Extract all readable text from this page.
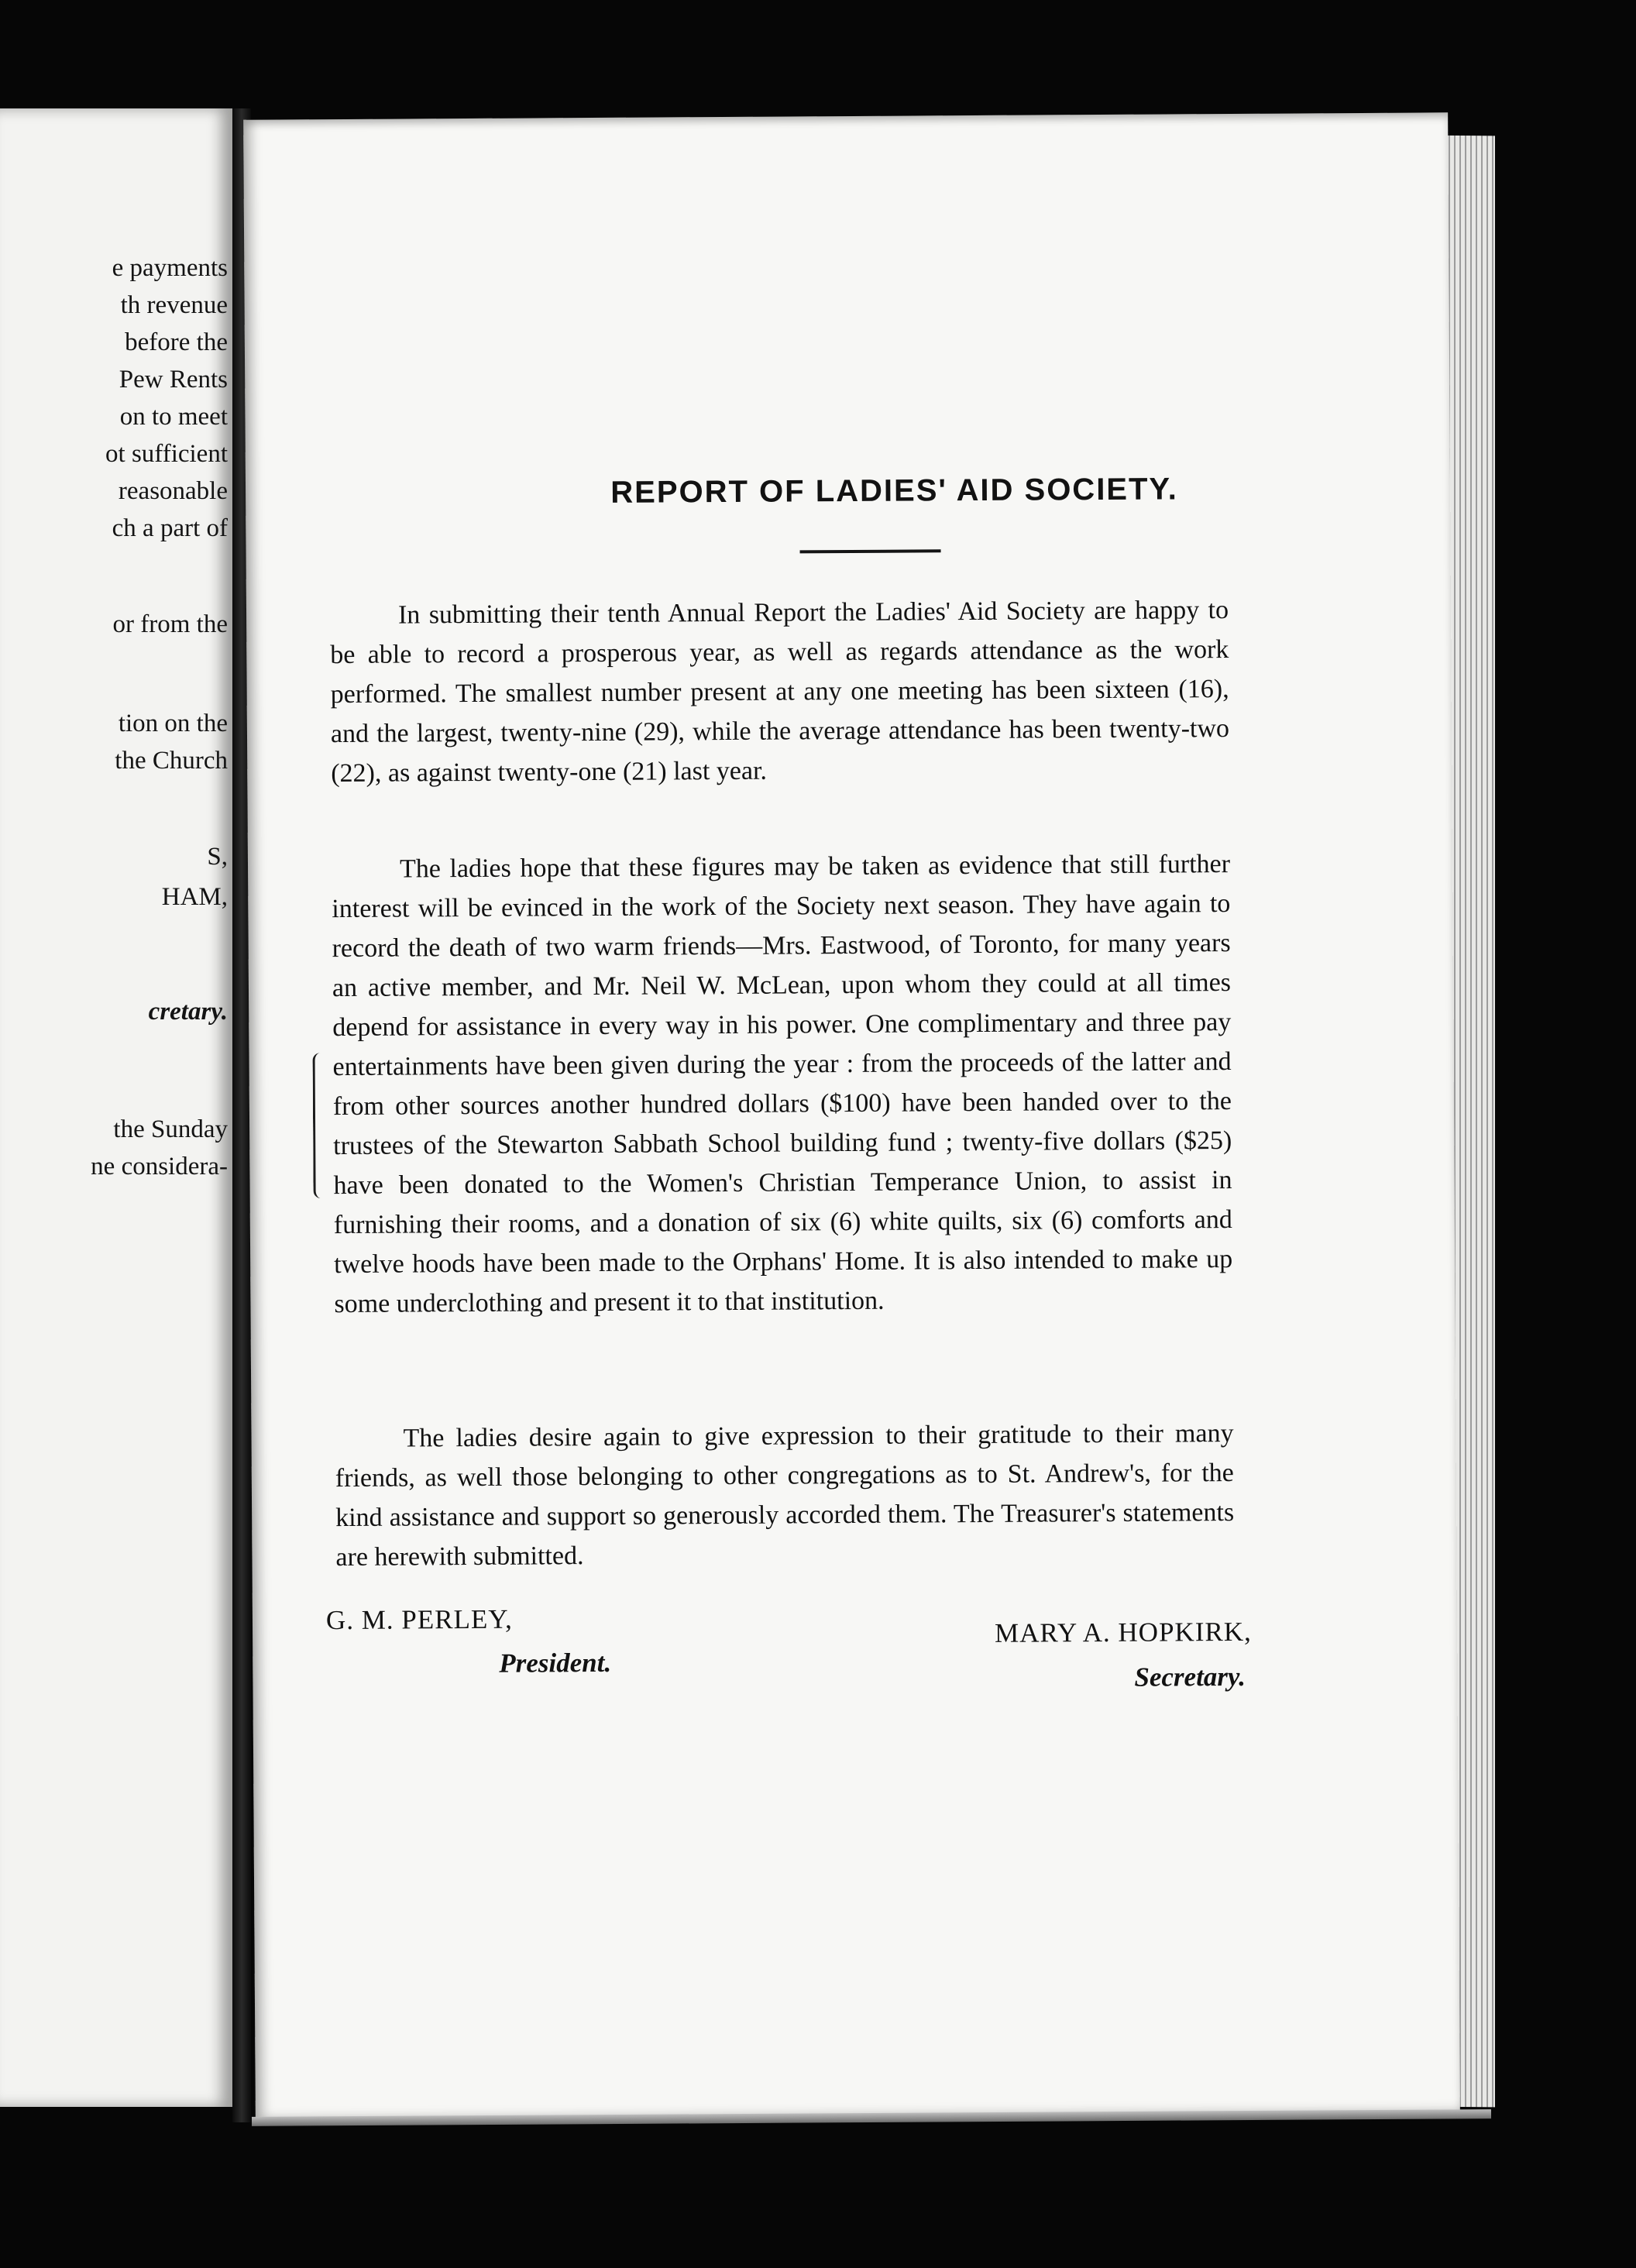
e payments
th revenue
before the
Pew Rents
on to meet
ot sufficient
reasonable
ch a part of
or from the
tion on the
the Church
S,
HAM,
cretary.
the Sunday
ne considera-

REPORT OF LADIES' AID SOCIETY.

In submitting their tenth Annual Report the Ladies' Aid Society are happy to be able to record a prosperous year, as well as regards attendance as the work performed. The smallest number present at any one meeting has been sixteen (16), and the largest, twenty-nine (29), while the average attendance has been twenty-two (22), as against twenty-one (21) last year.

The ladies hope that these figures may be taken as evidence that still further interest will be evinced in the work of the Society next season. They have again to record the death of two warm friends—Mrs. Eastwood, of Toronto, for many years an active member, and Mr. Neil W. McLean, upon whom they could at all times depend for assistance in every way in his power. One complimentary and three pay entertainments have been given during the year : from the proceeds of the latter and from other sources another hundred dollars ($100) have been handed over to the trustees of the Stewarton Sabbath School building fund ; twenty-five dollars ($25) have been donated to the Women's Christian Temperance Union, to assist in furnishing their rooms, and a donation of six (6) white quilts, six (6) comforts and twelve hoods have been made to the Orphans' Home. It is also intended to make up some underclothing and present it to that institution.

The ladies desire again to give expression to their gratitude to their many friends, as well those belonging to other congregations as to St. Andrew's, for the kind assistance and support so generously accorded them. The Treasurer's statements are herewith submitted.

G. M. PERLEY,

President.

MARY A. HOPKIRK,

Secretary.
